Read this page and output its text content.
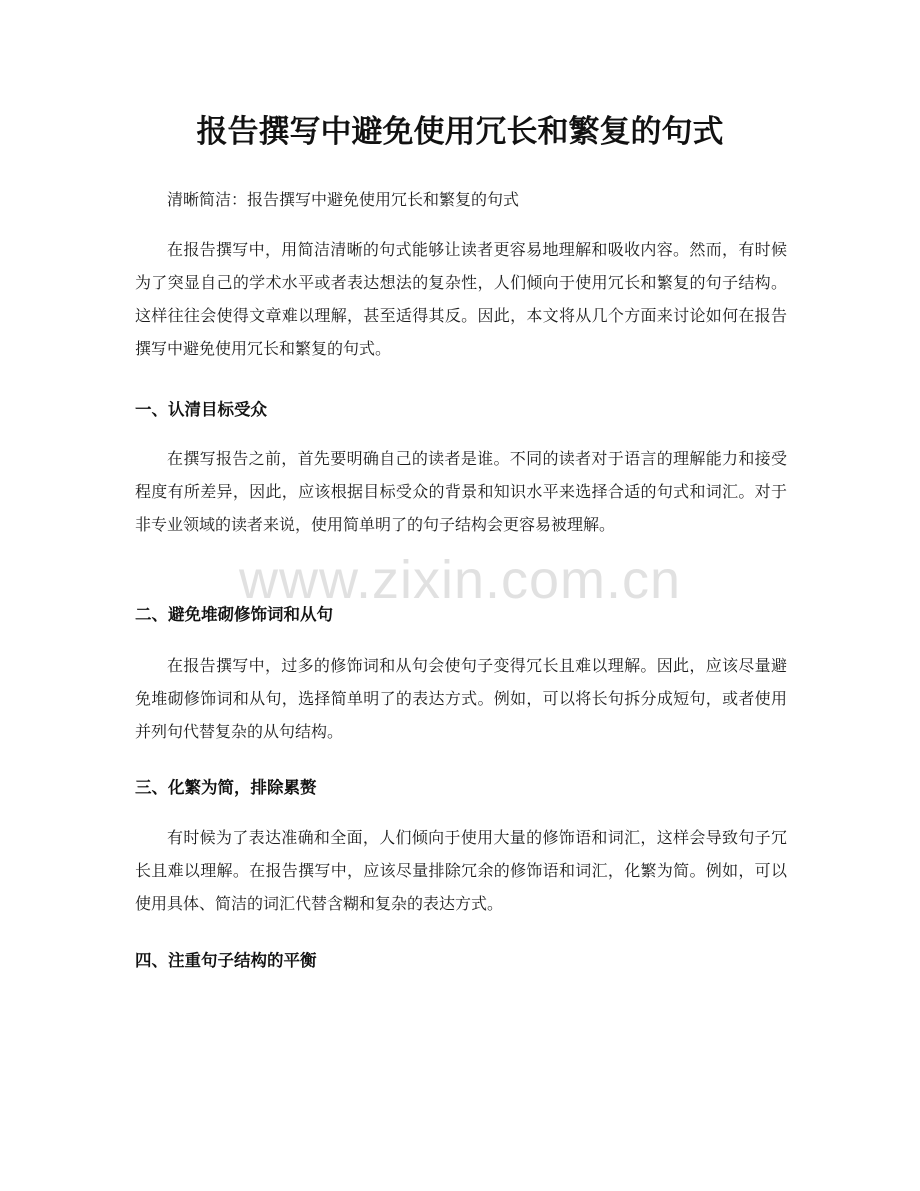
报告撰写中避免使用冗长和繁复的句式

清晰简洁：报告撰写中避免使用冗长和繁复的句式

在报告撰写中，用简洁清晰的句式能够让读者更容易地理解和吸收内容。然而，有时候为了突显自己的学术水平或者表达想法的复杂性，人们倾向于使用冗长和繁复的句子结构。这样往往会使得文章难以理解，甚至适得其反。因此，本文将从几个方面来讨论如何在报告撰写中避免使用冗长和繁复的句式。

一、认清目标受众

在撰写报告之前，首先要明确自己的读者是谁。不同的读者对于语言的理解能力和接受程度有所差异，因此，应该根据目标受众的背景和知识水平来选择合适的句式和词汇。对于非专业领域的读者来说，使用简单明了的句子结构会更容易被理解。

二、避免堆砌修饰词和从句

在报告撰写中，过多的修饰词和从句会使句子变得冗长且难以理解。因此，应该尽量避免堆砌修饰词和从句，选择简单明了的表达方式。例如，可以将长句拆分成短句，或者使用并列句代替复杂的从句结构。

三、化繁为简，排除累赘

有时候为了表达准确和全面，人们倾向于使用大量的修饰语和词汇，这样会导致句子冗长且难以理解。在报告撰写中，应该尽量排除冗余的修饰语和词汇，化繁为简。例如，可以使用具体、简洁的词汇代替含糊和复杂的表达方式。

四、注重句子结构的平衡
www.zixin.com.cn
